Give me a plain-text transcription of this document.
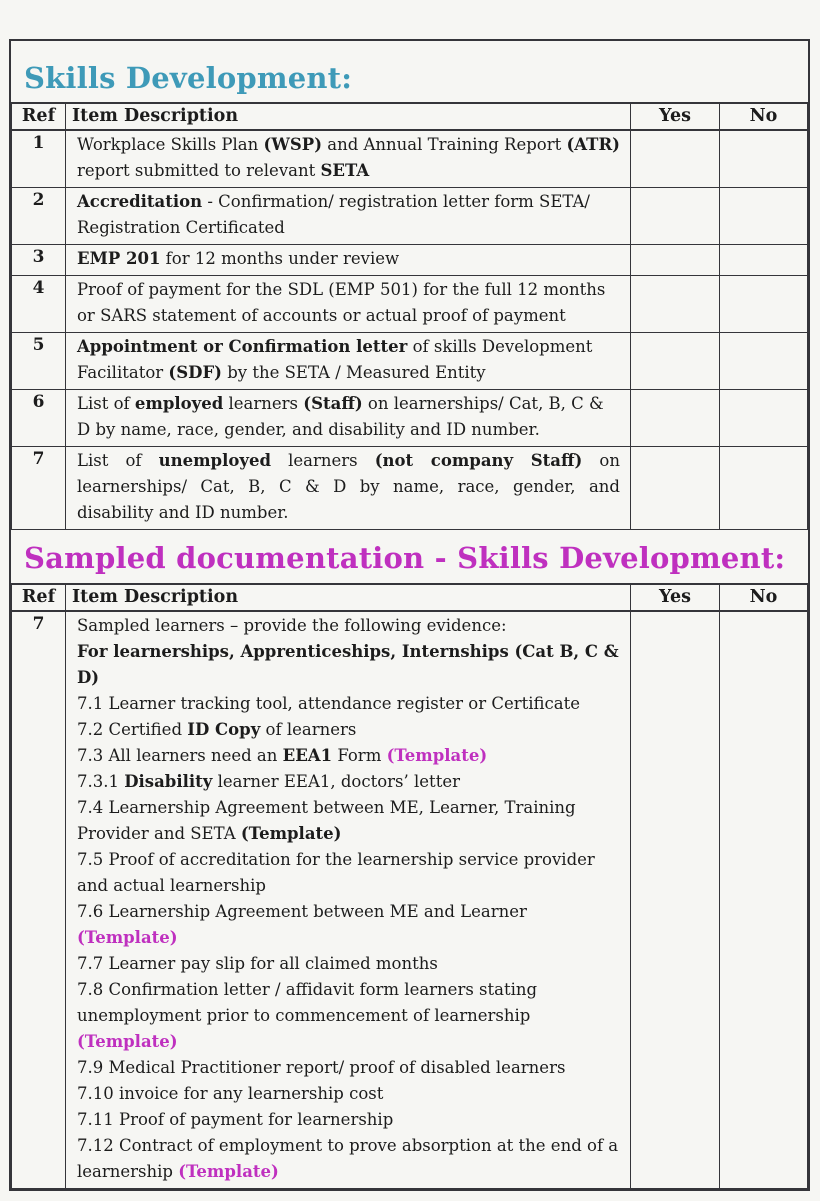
Skills Development:
Ref	Item Description	Yes	No
1	Workplace Skills Plan (WSP) and Annual Training Report (ATR) report submitted to relevant SETA		
2	Accreditation - Confirmation/ registration letter form SETA/ Registration Certificated		
3	EMP 201 for 12 months under review		
4	Proof of payment for the SDL (EMP 501) for the full 12 months or SARS statement of accounts or actual proof of payment		
5	Appointment or Confirmation letter of skills Development Facilitator (SDF) by the SETA / Measured Entity		
6	List of employed learners (Staff) on learnerships/ Cat, B, C & D by name, race, gender, and disability and ID number.		
7	List of unemployed learners (not company Staff) on learnerships/ Cat, B, C & D by name, race, gender, and disability and ID number.		
Sampled documentation - Skills Development:
Ref	Item Description	Yes	No
7	Sampled learners – provide the following evidence:
For learnerships, Apprenticeships, Internships (Cat B, C & D)
7.1 Learner tracking tool, attendance register or Certificate
7.2 Certified ID Copy of learners
7.3 All learners need an EEA1 Form (Template)
7.3.1 Disability learner EEA1, doctors’ letter
7.4 Learnership Agreement between ME, Learner, Training Provider and SETA (Template)
7.5 Proof of accreditation for the learnership service provider and actual learnership
7.6 Learnership Agreement between ME and Learner (Template)
7.7 Learner pay slip for all claimed months
7.8 Confirmation letter / affidavit form learners stating unemployment prior to commencement of learnership (Template)
7.9 Medical Practitioner report/ proof of disabled learners
7.10 invoice for any learnership cost
7.11 Proof of payment for learnership
7.12 Contract of employment to prove absorption at the end of a learnership (Template)
